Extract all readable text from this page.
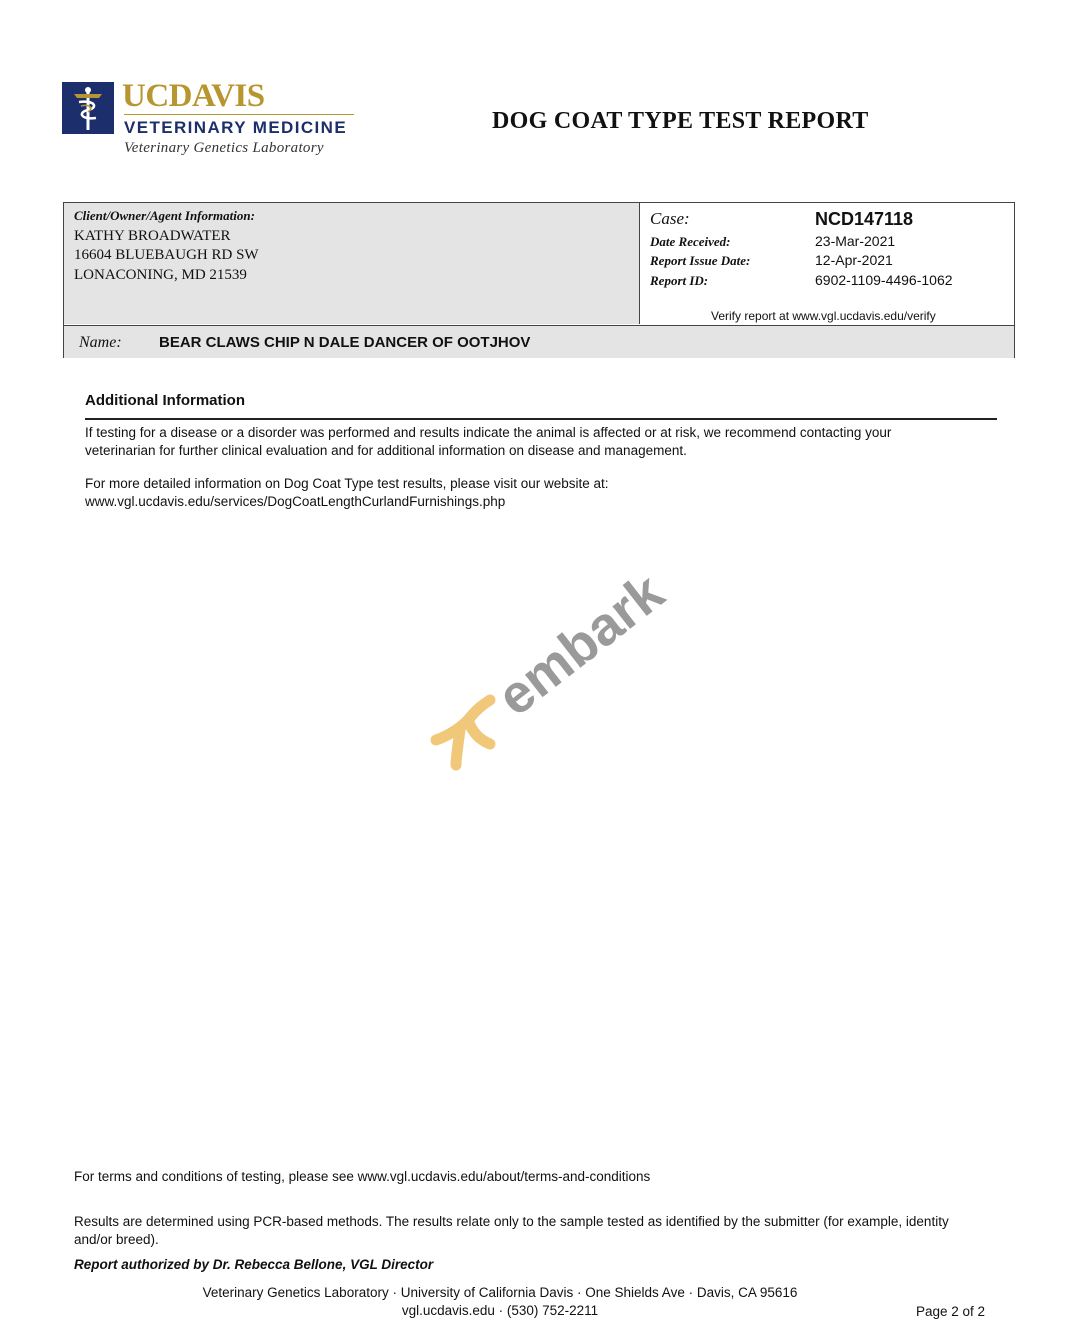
UCDAVIS
VETERINARY MEDICINE
Veterinary Genetics Laboratory
DOG COAT TYPE TEST REPORT
Client/Owner/Agent Information:
KATHY BROADWATER
16604 BLUEBAUGH RD SW
LONACONING, MD 21539
Case:	NCD147118
Date Received:	23-Mar-2021
Report Issue Date:	12-Apr-2021
Report ID:	6902-1109-4496-1062
Verify report at www.vgl.ucdavis.edu/verify
Name: BEAR CLAWS CHIP N DALE DANCER OF OOTJHOV
Additional Information
If testing for a disease or a disorder was performed and results indicate the animal is affected or at risk, we recommend contacting your
veterinarian for further clinical evaluation and for additional information on disease and management.
For more detailed information on Dog Coat Type test results, please visit our website at:
www.vgl.ucdavis.edu/services/DogCoatLengthCurlandFurnishings.php
embark
For terms and conditions of testing, please see www.vgl.ucdavis.edu/about/terms-and-conditions
Results are determined using PCR-based methods. The results relate only to the sample tested as identified by the submitter (for example, identity
and/or breed).
Report authorized by Dr. Rebecca Bellone, VGL Director
Veterinary Genetics Laboratory · University of California Davis · One Shields Ave · Davis, CA 95616
vgl.ucdavis.edu · (530) 752-2211	Page 2 of 2
